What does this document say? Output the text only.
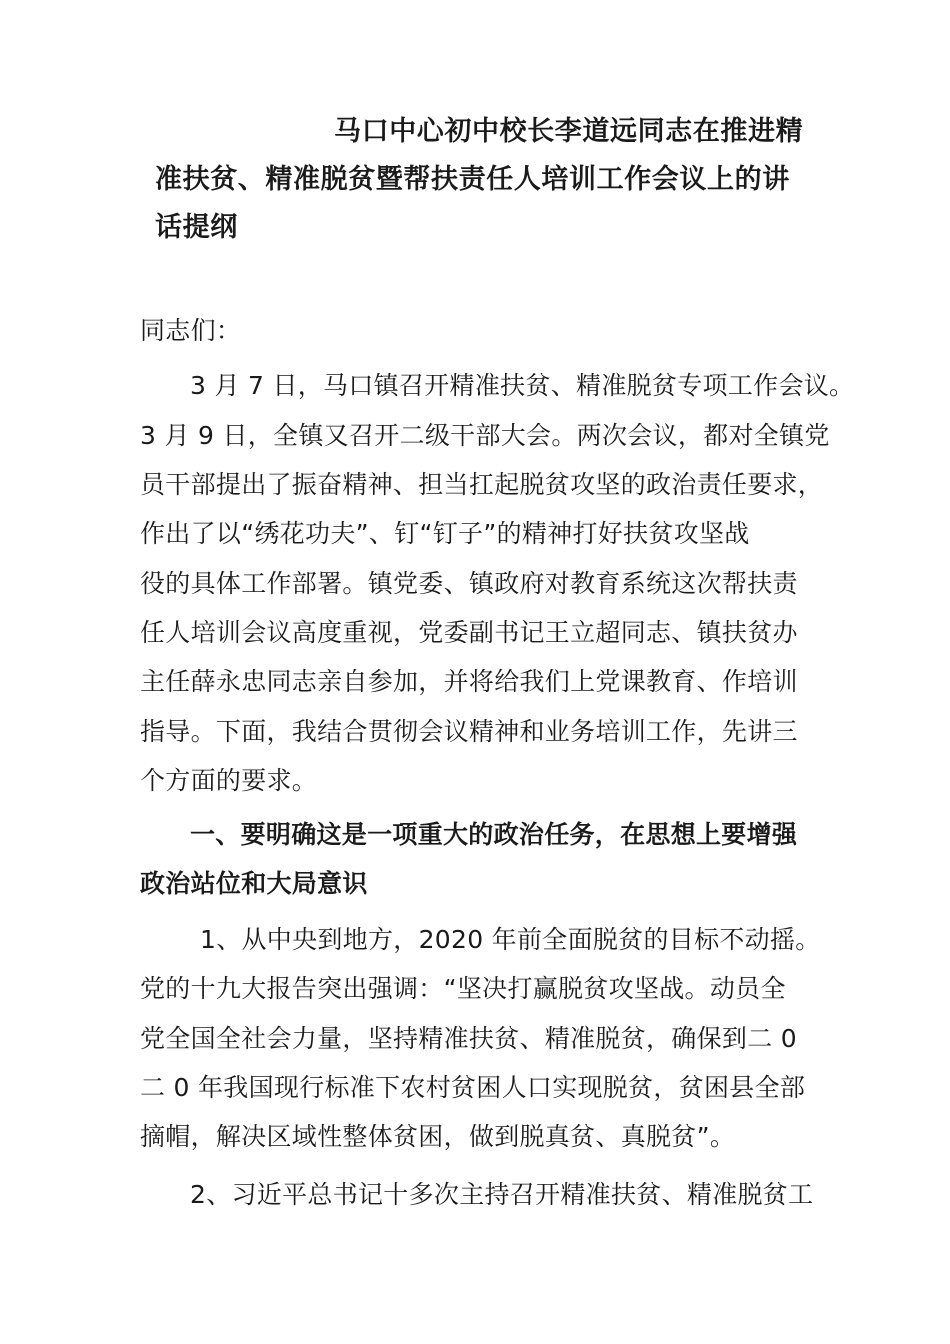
马口中心初中校长李道远同志在推进精
准扶贫、精准脱贫暨帮扶责任人培训工作会议上的讲
话提纲
同志们：
3 月 7 日，马口镇召开精准扶贫、精准脱贫专项工作会议。
3 月 9 日，全镇又召开二级干部大会。两次会议，都对全镇党
员干部提出了振奋精神、担当扛起脱贫攻坚的政治责任要求，
作出了以“绣花功夫”、钉“钉子”的精神打好扶贫攻坚战
役的具体工作部署。镇党委、镇政府对教育系统这次帮扶责
任人培训会议高度重视，党委副书记王立超同志、镇扶贫办
主任薛永忠同志亲自参加，并将给我们上党课教育、作培训
指导。下面，我结合贯彻会议精神和业务培训工作，先讲三
个方面的要求。
一、要明确这是一项重大的政治任务，在思想上要增强
政治站位和大局意识
1、从中央到地方，2020 年前全面脱贫的目标不动摇。
党的十九大报告突出强调：“坚决打赢脱贫攻坚战。动员全
党全国全社会力量，坚持精准扶贫、精准脱贫，确保到二 0
二 0 年我国现行标准下农村贫困人口实现脱贫，贫困县全部
摘帽，解决区域性整体贫困，做到脱真贫、真脱贫”。
2、习近平总书记十多次主持召开精准扶贫、精准脱贫工
